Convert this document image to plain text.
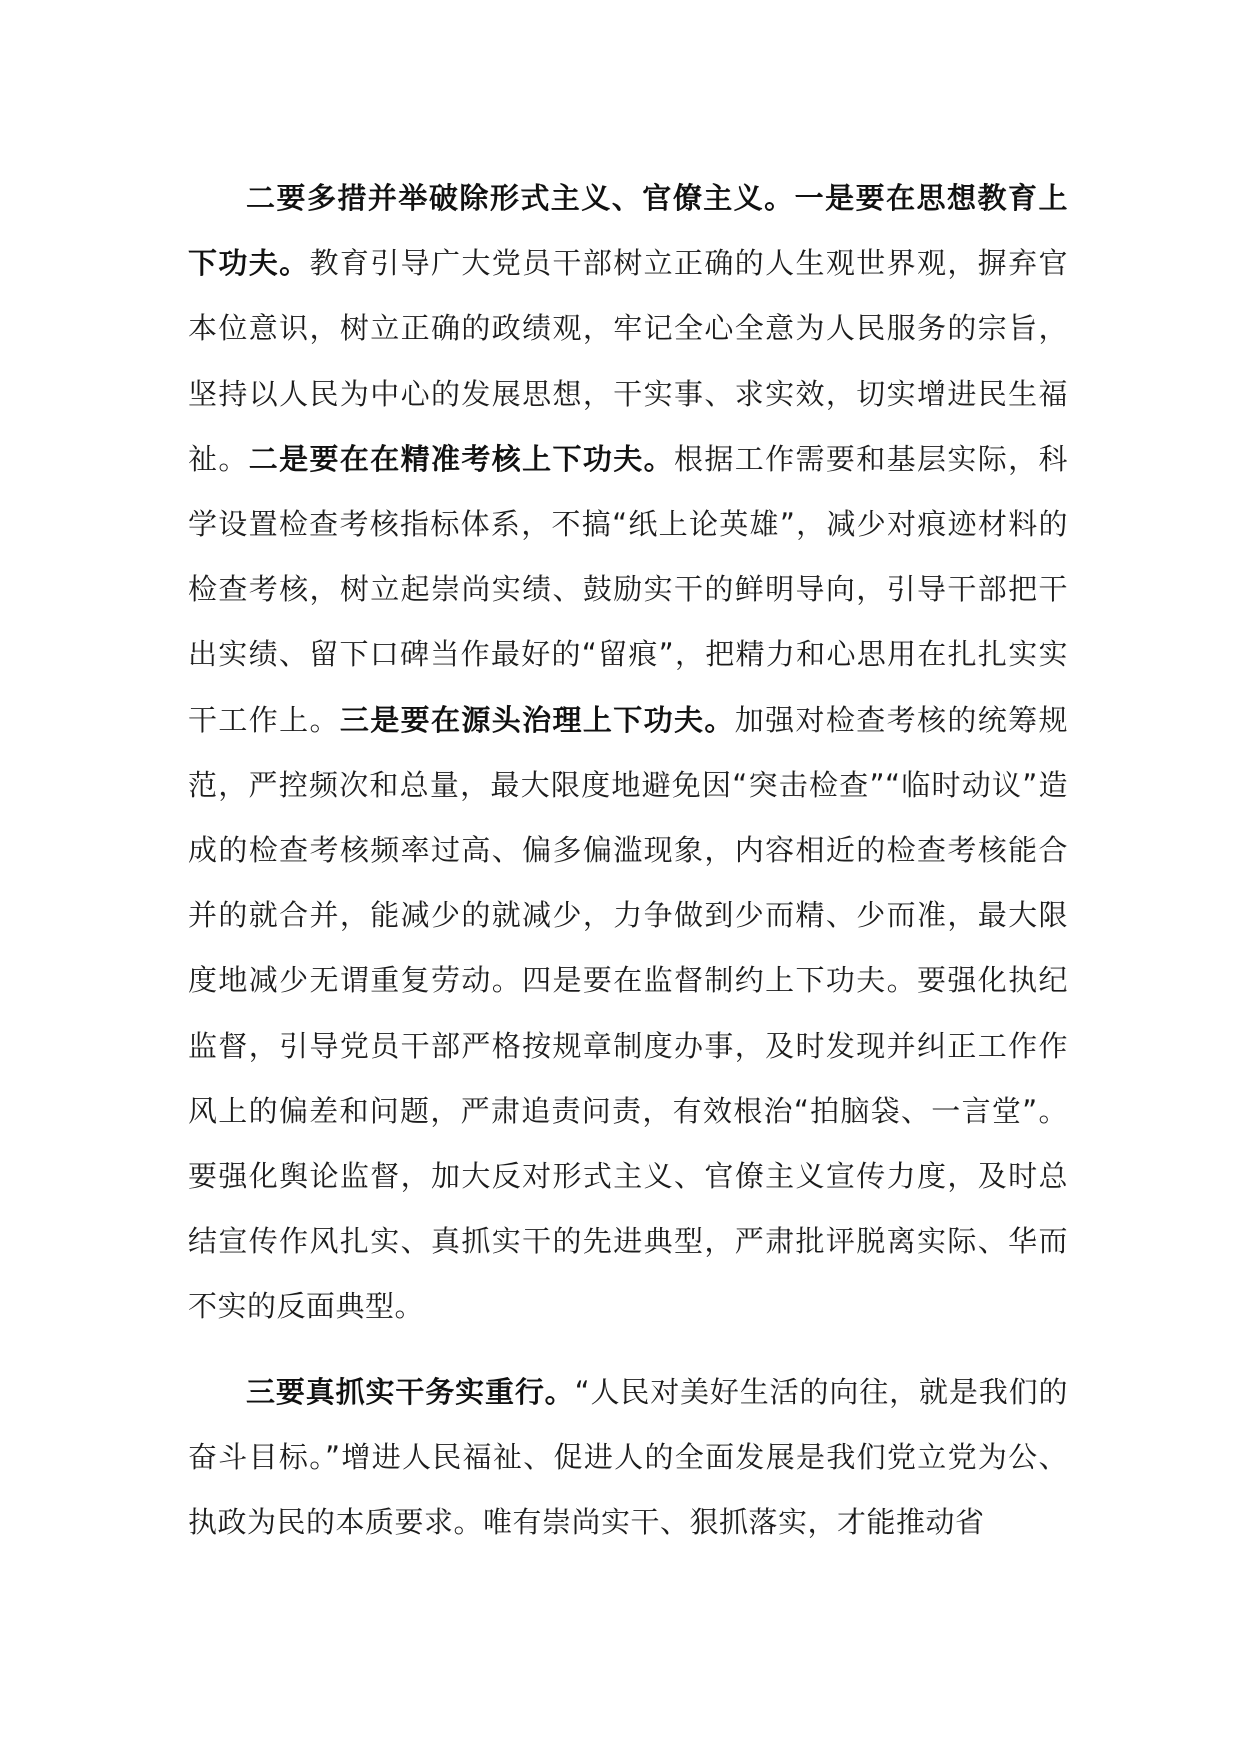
二要多措并举破除形式主义、官僚主义。一是要在思想教育上下功夫。教育引导广大党员干部树立正确的人生观世界观，摒弃官本位意识，树立正确的政绩观，牢记全心全意为人民服务的宗旨，坚持以人民为中心的发展思想，干实事、求实效，切实增进民生福祉。二是要在在精准考核上下功夫。根据工作需要和基层实际，科学设置检查考核指标体系，不搞“纸上论英雄”，减少对痕迹材料的检查考核，树立起崇尚实绩、鼓励实干的鲜明导向，引导干部把干出实绩、留下口碑当作最好的“留痕”，把精力和心思用在扎扎实实干工作上。三是要在源头治理上下功夫。加强对检查考核的统筹规范，严控频次和总量，最大限度地避免因“突击检查”“临时动议”造成的检查考核频率过高、偏多偏滥现象，内容相近的检查考核能合并的就合并，能减少的就减少，力争做到少而精、少而准，最大限度地减少无谓重复劳动。四是要在监督制约上下功夫。要强化执纪监督，引导党员干部严格按规章制度办事，及时发现并纠正工作作风上的偏差和问题，严肃追责问责，有效根治“拍脑袋、一言堂”。要强化舆论监督，加大反对形式主义、官僚主义宣传力度，及时总结宣传作风扎实、真抓实干的先进典型，严肃批评脱离实际、华而不实的反面典型。

三要真抓实干务实重行。“人民对美好生活的向往，就是我们的奋斗目标。”增进人民福祉、促进人的全面发展是我们党立党为公、执政为民的本质要求。唯有崇尚实干、狠抓落实，才能推动省
